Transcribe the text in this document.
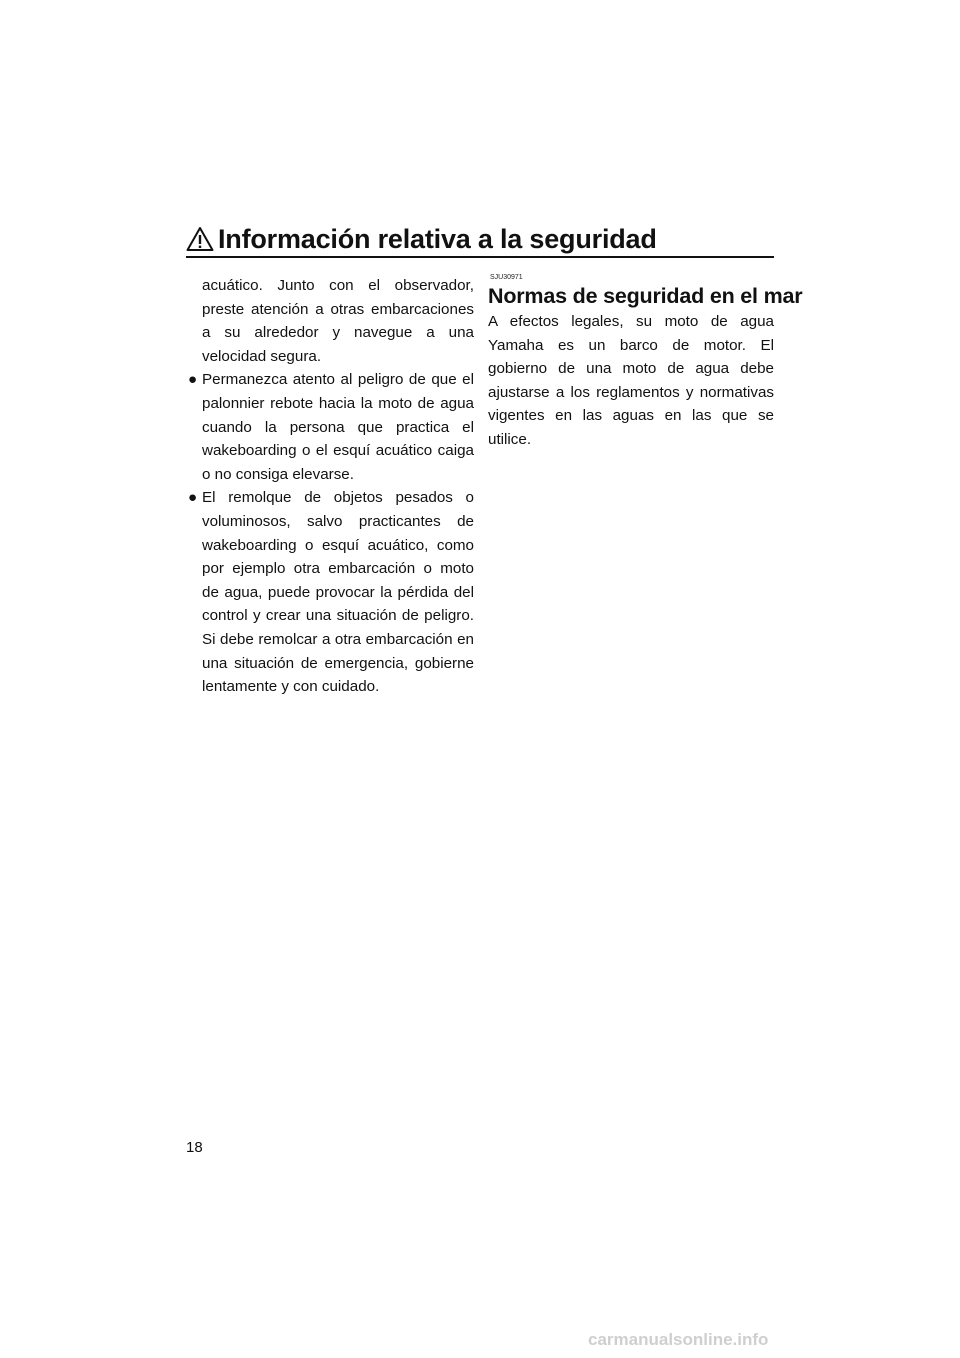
Información relativa a la seguridad

acuático. Junto con el observador, preste atención a otras embarcaciones a su alrededor y navegue a una velocidad segura.

● Permanezca atento al peligro de que el palonnier rebote hacia la moto de agua cuando la persona que practica el wakeboarding o el esquí acuático caiga o no consiga elevarse.
● El remolque de objetos pesados o voluminosos, salvo practicantes de wakeboarding o esquí acuático, como por ejemplo otra embarcación o moto de agua, puede provocar la pérdida del control y crear una situación de peligro. Si debe remolcar a otra embarcación en una situación de emergencia, gobierne lentamente y con cuidado.
SJU30971
Normas de seguridad en el mar

A efectos legales, su moto de agua Yamaha es un barco de motor. El gobierno de una moto de agua debe ajustarse a los reglamentos y normativas vigentes en las aguas en las que se utilice.

18
carmanualsonline.info
